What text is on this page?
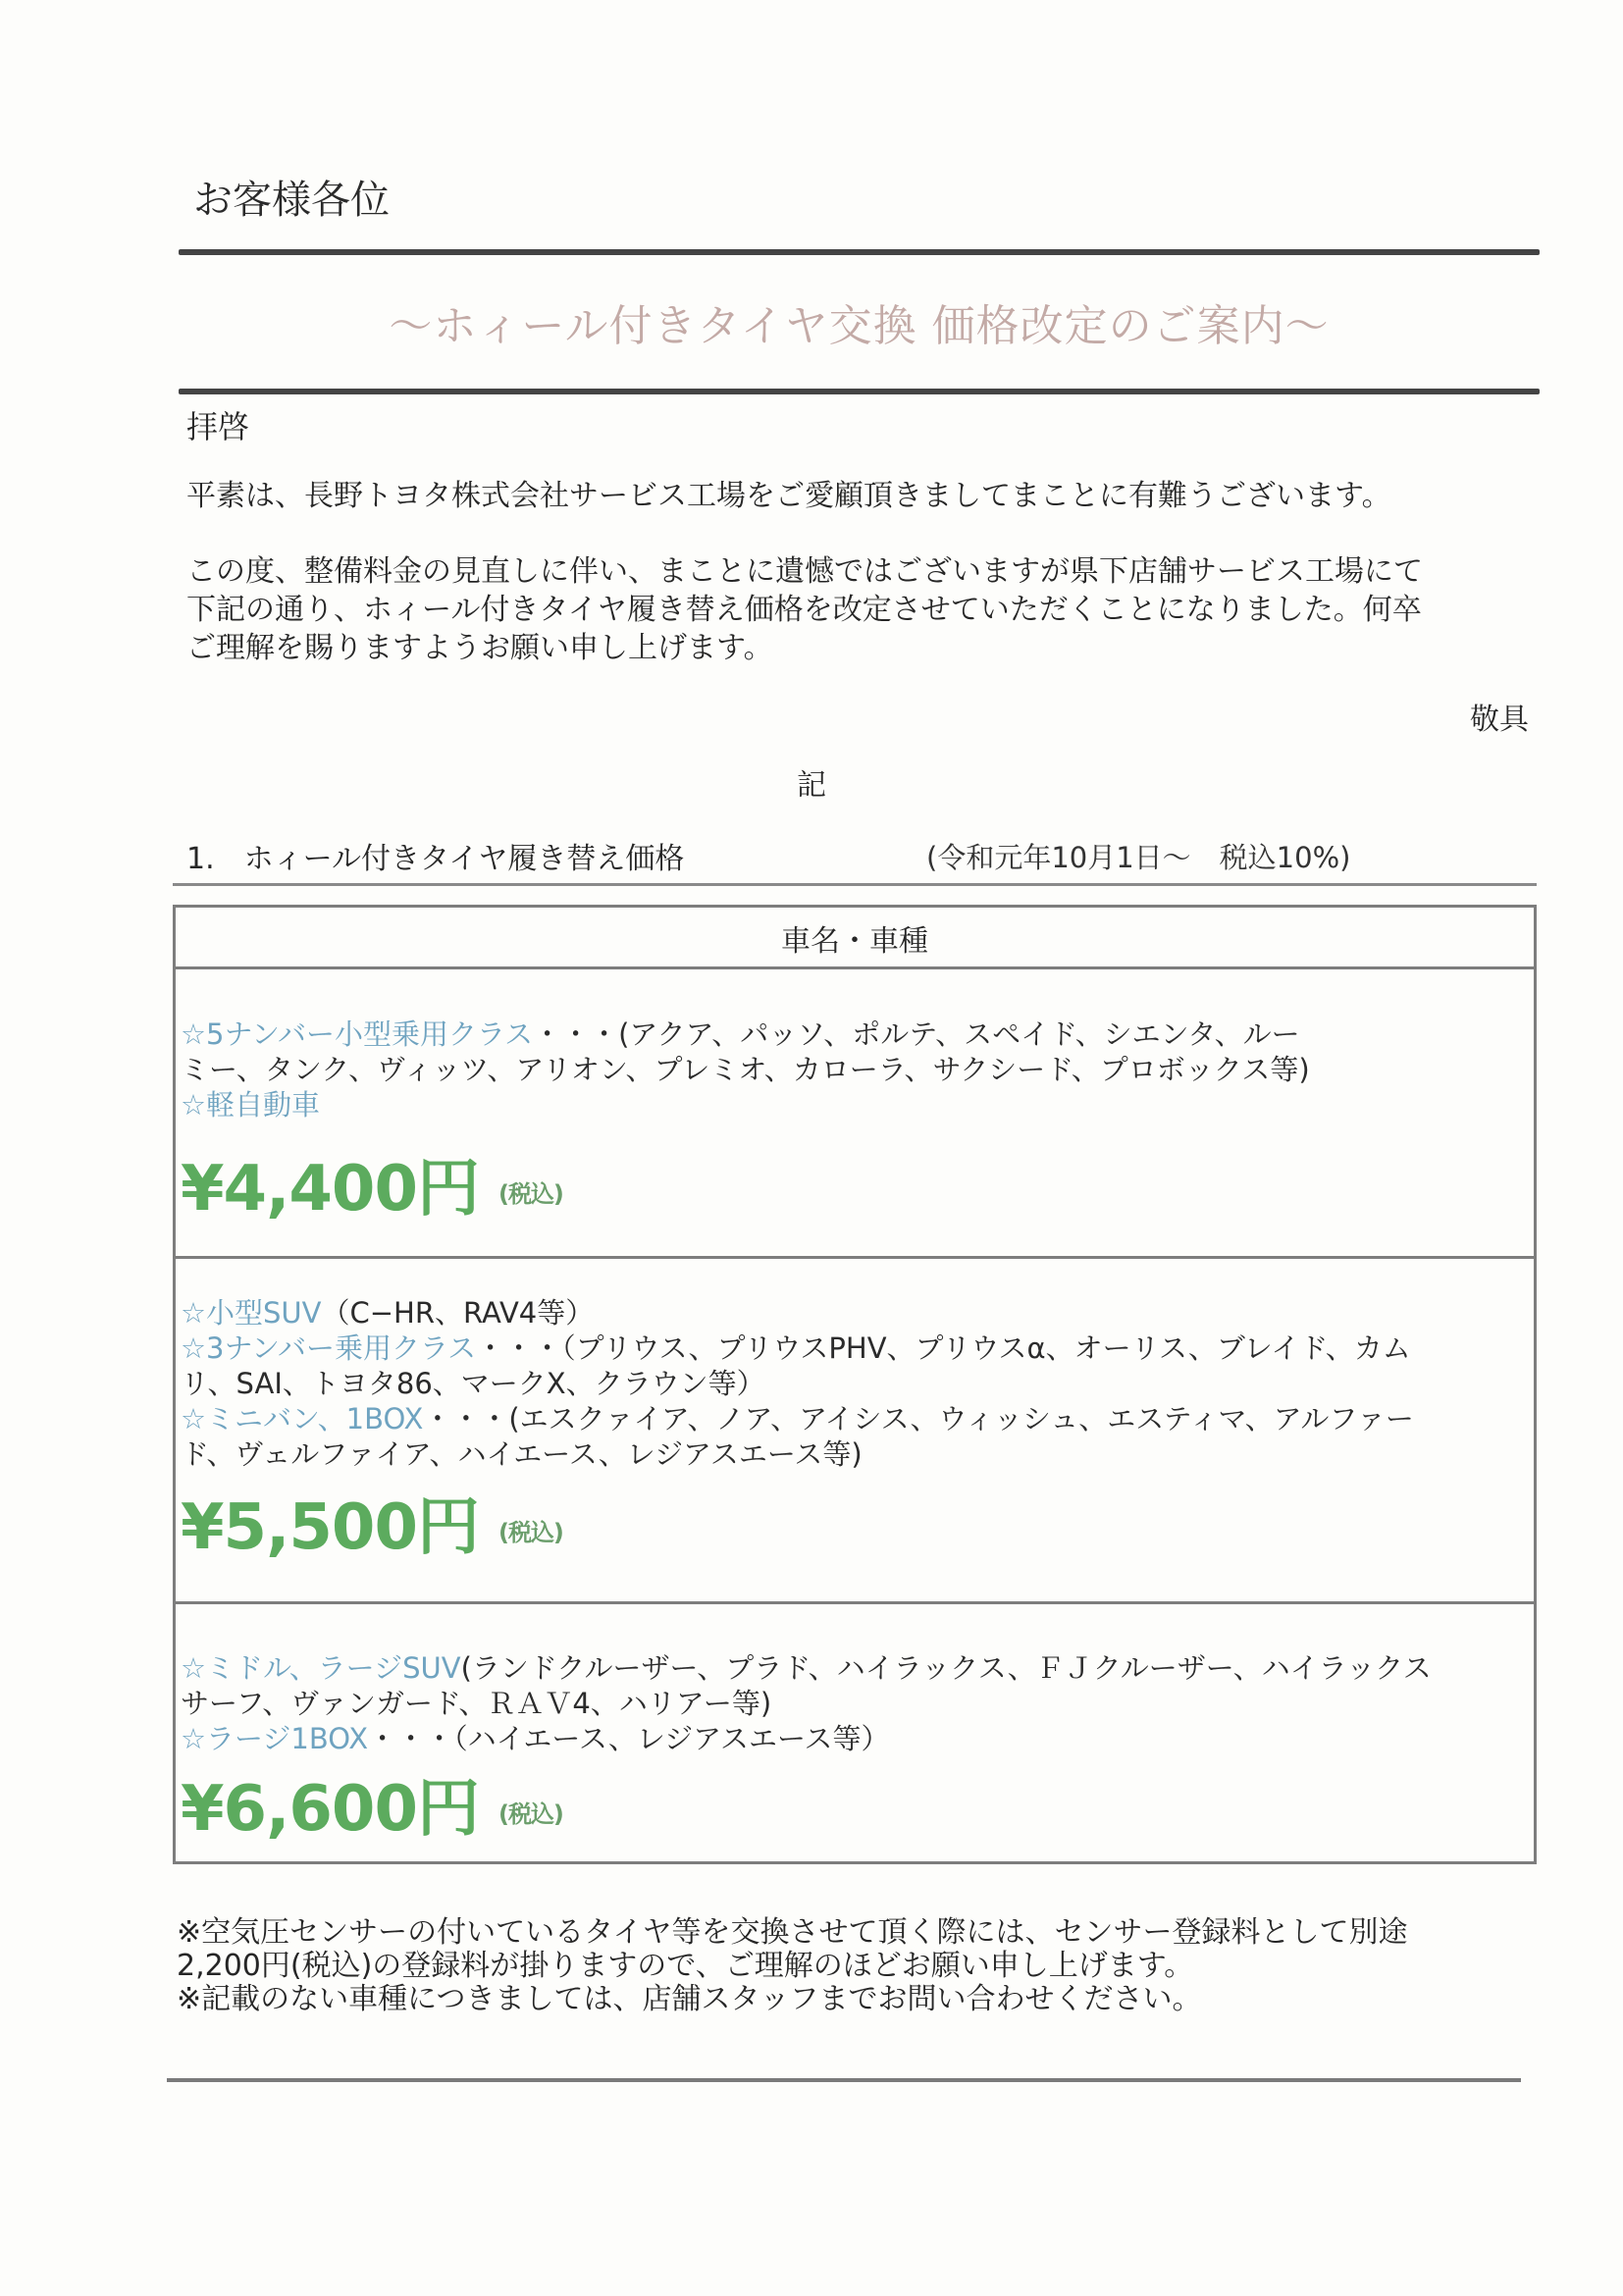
お客様各位
～ホィール付きタイヤ交換 価格改定のご案内～
拝啓
平素は、長野トヨタ株式会社サービス工場をご愛顧頂きましてまことに有難うございます。
この度、整備料金の見直しに伴い、まことに遺憾ではございますが県下店舗サービス工場にて
下記の通り、ホィール付きタイヤ履き替え価格を改定させていただくことになりました。何卒
ご理解を賜りますようお願い申し上げます。
敬具
記
1.　ホィール付きタイヤ履き替え価格	(令和元年10月1日～　税込10%)
車名・車種
☆5ナンバー小型乗用クラス・・・(アクア、パッソ、ポルテ、スペイド、シエンタ、ルー
ミー、タンク、ヴィッツ、アリオン、プレミオ、カローラ、サクシード、プロボックス等)
☆軽自動車
¥4,400円 (税込)
☆小型SUV（C−HR、RAV4等）
☆3ナンバー乗用クラス・・・（プリウス、プリウスPHV、プリウスα、オーリス、ブレイド、カム
リ、SAI、トヨタ86、マークX、クラウン等）
☆ミニバン、1BOX・・・(エスクァイア、ノア、アイシス、ウィッシュ、エスティマ、アルファー
ド、ヴェルファイア、ハイエース、レジアスエース等)
¥5,500円 (税込)
☆ミドル、ラージSUV(ランドクルーザー、プラド、ハイラックス、ＦＪクルーザー、ハイラックス
サーフ、ヴァンガード、ＲＡＶ4、ハリアー等)
☆ラージ1BOX・・・（ハイエース、レジアスエース等）
¥6,600円 (税込)
※空気圧センサーの付いているタイヤ等を交換させて頂く際には、センサー登録料として別途
2,200円(税込)の登録料が掛りますので、ご理解のほどお願い申し上げます。
※記載のない車種につきましては、店舗スタッフまでお問い合わせください。
